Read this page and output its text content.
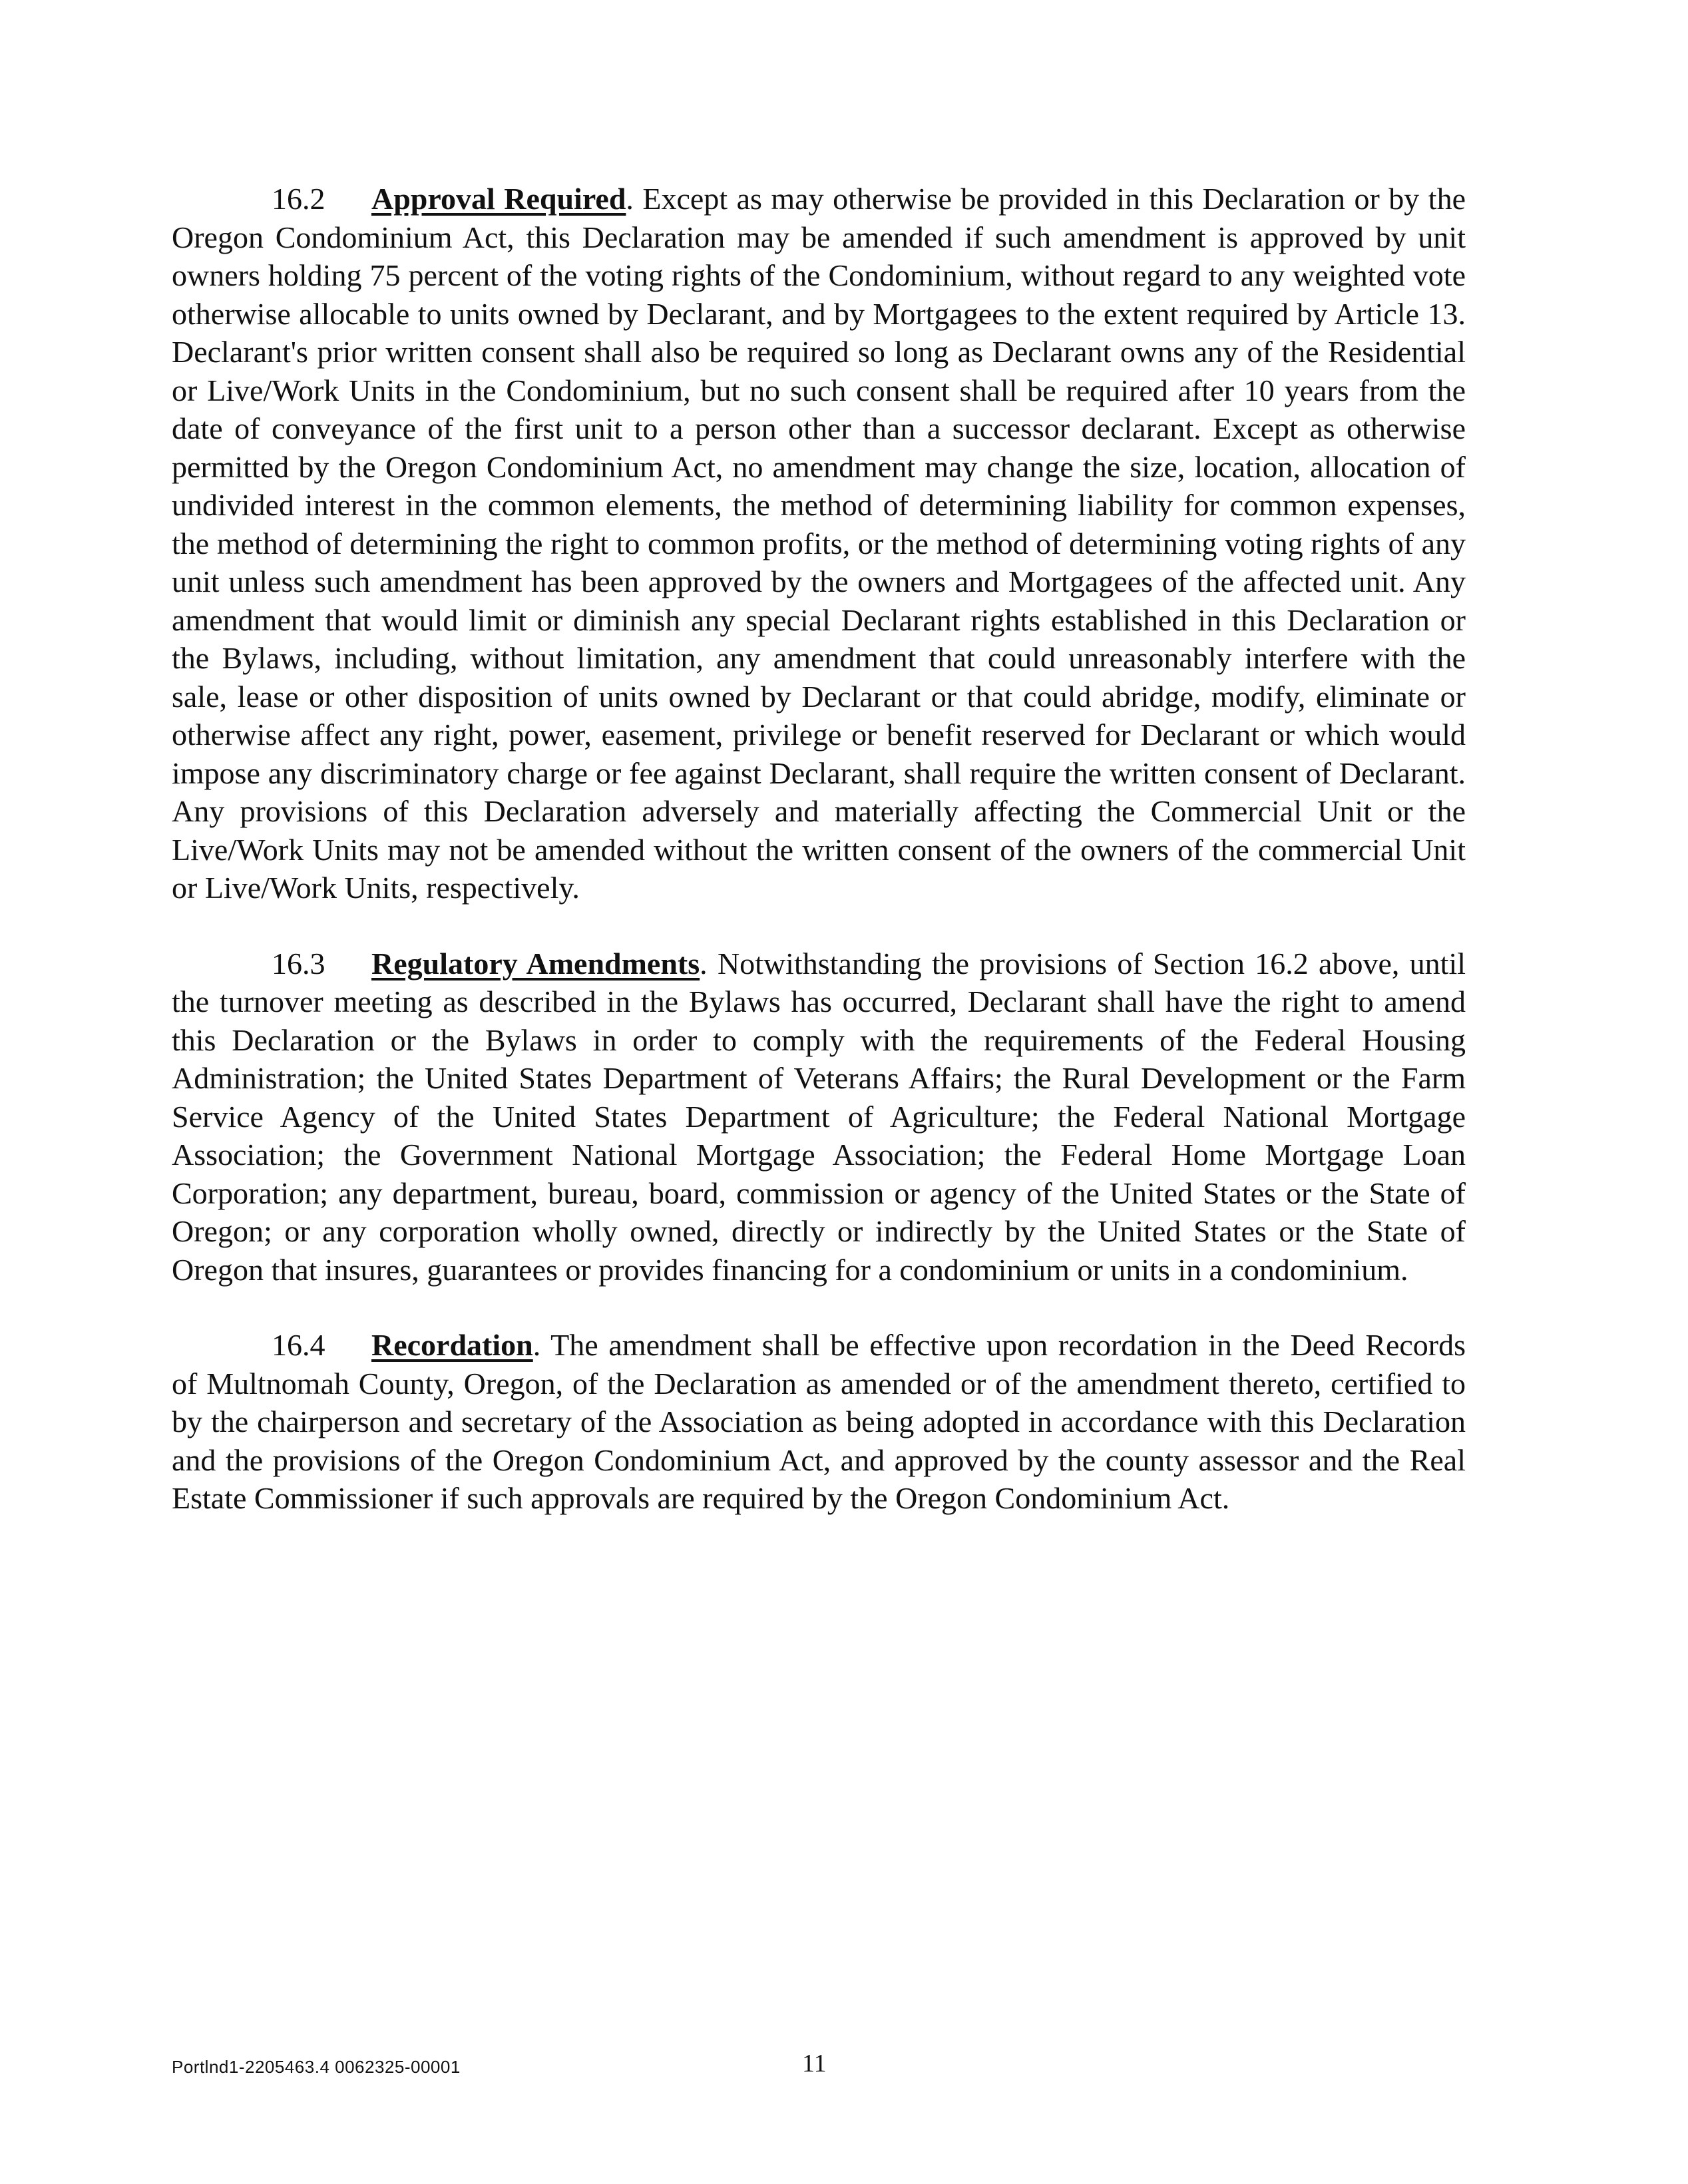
16.2 Approval Required. Except as may otherwise be provided in this Declaration or by the Oregon Condominium Act, this Declaration may be amended if such amendment is approved by unit owners holding 75 percent of the voting rights of the Condominium, without regard to any weighted vote otherwise allocable to units owned by Declarant, and by Mortgagees to the extent required by Article 13. Declarant's prior written consent shall also be required so long as Declarant owns any of the Residential or Live/Work Units in the Condominium, but no such consent shall be required after 10 years from the date of conveyance of the first unit to a person other than a successor declarant. Except as otherwise permitted by the Oregon Condominium Act, no amendment may change the size, location, allocation of undivided interest in the common elements, the method of determining liability for common expenses, the method of determining the right to common profits, or the method of determining voting rights of any unit unless such amendment has been approved by the owners and Mortgagees of the affected unit. Any amendment that would limit or diminish any special Declarant rights established in this Declaration or the Bylaws, including, without limitation, any amendment that could unreasonably interfere with the sale, lease or other disposition of units owned by Declarant or that could abridge, modify, eliminate or otherwise affect any right, power, easement, privilege or benefit reserved for Declarant or which would impose any discriminatory charge or fee against Declarant, shall require the written consent of Declarant. Any provisions of this Declaration adversely and materially affecting the Commercial Unit or the Live/Work Units may not be amended without the written consent of the owners of the commercial Unit or Live/Work Units, respectively.

16.3 Regulatory Amendments. Notwithstanding the provisions of Section 16.2 above, until the turnover meeting as described in the Bylaws has occurred, Declarant shall have the right to amend this Declaration or the Bylaws in order to comply with the requirements of the Federal Housing Administration; the United States Department of Veterans Affairs; the Rural Development or the Farm Service Agency of the United States Department of Agriculture; the Federal National Mortgage Association; the Government National Mortgage Association; the Federal Home Mortgage Loan Corporation; any department, bureau, board, commission or agency of the United States or the State of Oregon; or any corporation wholly owned, directly or indirectly by the United States or the State of Oregon that insures, guarantees or provides financing for a condominium or units in a condominium.

16.4 Recordation. The amendment shall be effective upon recordation in the Deed Records of Multnomah County, Oregon, of the Declaration as amended or of the amendment thereto, certified to by the chairperson and secretary of the Association as being adopted in accordance with this Declaration and the provisions of the Oregon Condominium Act, and approved by the county assessor and the Real Estate Commissioner if such approvals are required by the Oregon Condominium Act.

Portlnd1-2205463.4 0062325-00001	11
